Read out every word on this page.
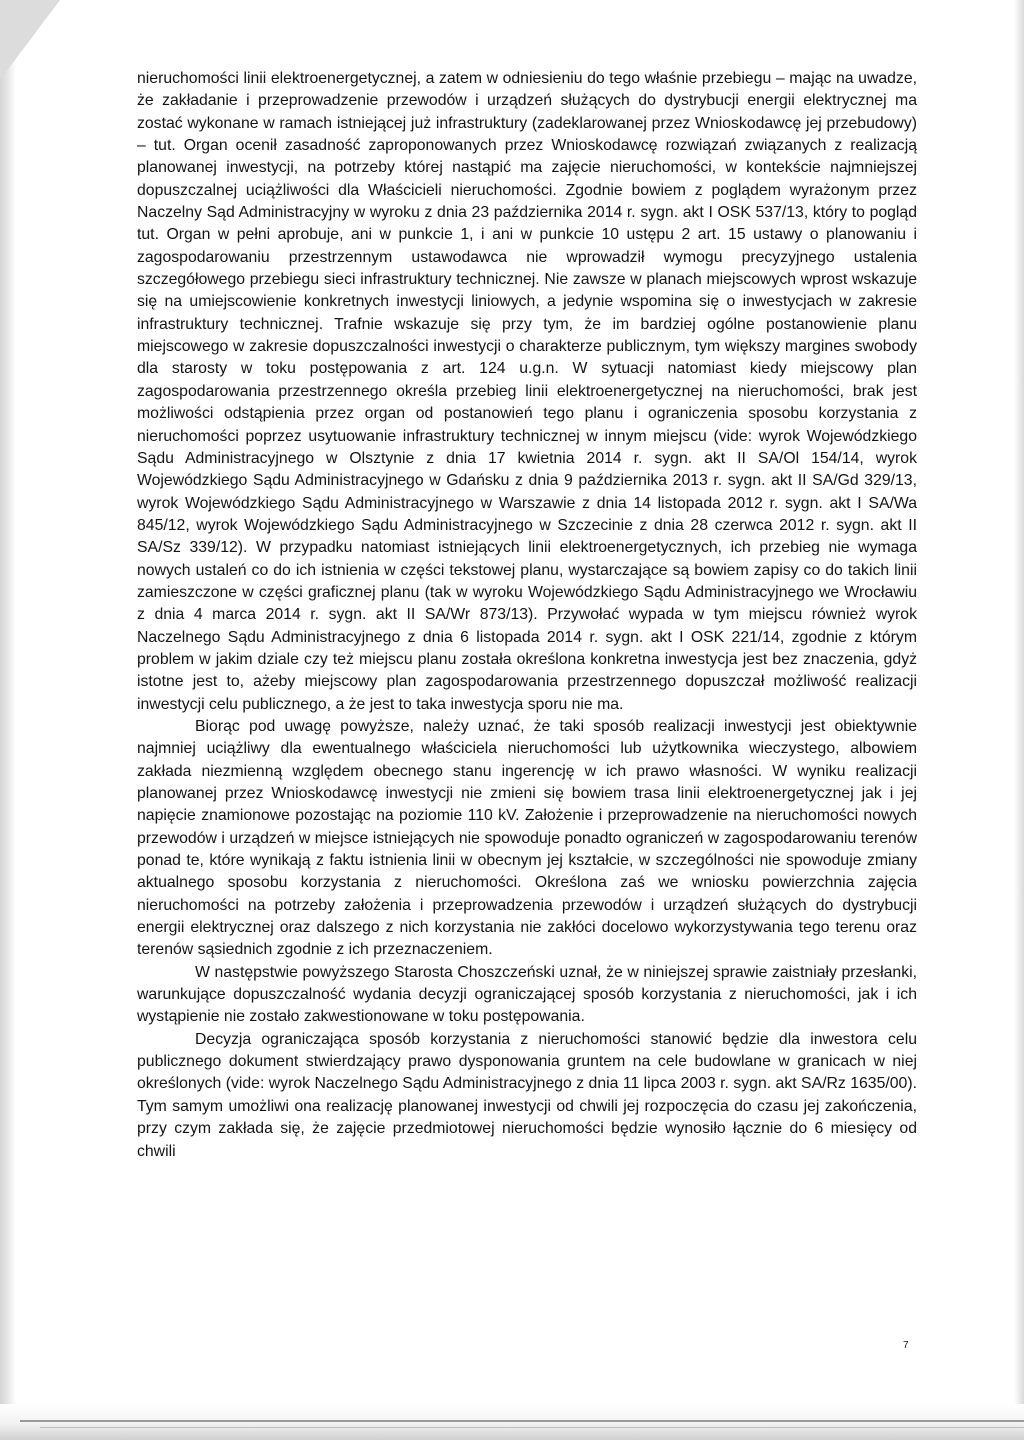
nieruchomości linii elektroenergetycznej, a zatem w odniesieniu do tego właśnie przebiegu – mając na uwadze, że zakładanie i przeprowadzenie przewodów i urządzeń służących do dystrybucji energii elektrycznej ma zostać wykonane w ramach istniejącej już infrastruktury (zadeklarowanej przez Wnioskodawcę jej przebudowy) – tut. Organ ocenił zasadność zaproponowanych przez Wnioskodawcę rozwiązań związanych z realizacją planowanej inwestycji, na potrzeby której nastąpić ma zajęcie nieruchomości, w kontekście najmniejszej dopuszczalnej uciążliwości dla Właścicieli nieruchomości. Zgodnie bowiem z poglądem wyrażonym przez Naczelny Sąd Administracyjny w wyroku z dnia 23 października 2014 r. sygn. akt I OSK 537/13, który to pogląd tut. Organ w pełni aprobuje, ani w punkcie 1, i ani w punkcie 10 ustępu 2 art. 15 ustawy o planowaniu i zagospodarowaniu przestrzennym ustawodawca nie wprowadził wymogu precyzyjnego ustalenia szczegółowego przebiegu sieci infrastruktury technicznej. Nie zawsze w planach miejscowych wprost wskazuje się na umiejscowienie konkretnych inwestycji liniowych, a jedynie wspomina się o inwestycjach w zakresie infrastruktury technicznej. Trafnie wskazuje się przy tym, że im bardziej ogólne postanowienie planu miejscowego w zakresie dopuszczalności inwestycji o charakterze publicznym, tym większy margines swobody dla starosty w toku postępowania z art. 124 u.g.n. W sytuacji natomiast kiedy miejscowy plan zagospodarowania przestrzennego określa przebieg linii elektroenergetycznej na nieruchomości, brak jest możliwości odstąpienia przez organ od postanowień tego planu i ograniczenia sposobu korzystania z nieruchomości poprzez usytuowanie infrastruktury technicznej w innym miejscu (vide: wyrok Wojewódzkiego Sądu Administracyjnego w Olsztynie z dnia 17 kwietnia 2014 r. sygn. akt II SA/Ol 154/14, wyrok Wojewódzkiego Sądu Administracyjnego w Gdańsku z dnia 9 października 2013 r. sygn. akt II SA/Gd 329/13, wyrok Wojewódzkiego Sądu Administracyjnego w Warszawie z dnia 14 listopada 2012 r. sygn. akt I SA/Wa 845/12, wyrok Wojewódzkiego Sądu Administracyjnego w Szczecinie z dnia 28 czerwca 2012 r. sygn. akt II SA/Sz 339/12). W przypadku natomiast istniejących linii elektroenergetycznych, ich przebieg nie wymaga nowych ustaleń co do ich istnienia w części tekstowej planu, wystarczające są bowiem zapisy co do takich linii zamieszczone w części graficznej planu (tak w wyroku Wojewódzkiego Sądu Administracyjnego we Wrocławiu z dnia 4 marca 2014 r. sygn. akt II SA/Wr 873/13). Przywołać wypada w tym miejscu również wyrok Naczelnego Sądu Administracyjnego z dnia 6 listopada 2014 r. sygn. akt I OSK 221/14, zgodnie z którym problem w jakim dziale czy też miejscu planu została określona konkretna inwestycja jest bez znaczenia, gdyż istotne jest to, ażeby miejscowy plan zagospodarowania przestrzennego dopuszczał możliwość realizacji inwestycji celu publicznego, a że jest to taka inwestycja sporu nie ma.

Biorąc pod uwagę powyższe, należy uznać, że taki sposób realizacji inwestycji jest obiektywnie najmniej uciążliwy dla ewentualnego właściciela nieruchomości lub użytkownika wieczystego, albowiem zakłada niezmienną względem obecnego stanu ingerencję w ich prawo własności. W wyniku realizacji planowanej przez Wnioskodawcę inwestycji nie zmieni się bowiem trasa linii elektroenergetycznej jak i jej napięcie znamionowe pozostając na poziomie 110 kV. Założenie i przeprowadzenie na nieruchomości nowych przewodów i urządzeń w miejsce istniejących nie spowoduje ponadto ograniczeń w zagospodarowaniu terenów ponad te, które wynikają z faktu istnienia linii w obecnym jej kształcie, w szczególności nie spowoduje zmiany aktualnego sposobu korzystania z nieruchomości. Określona zaś we wniosku powierzchnia zajęcia nieruchomości na potrzeby założenia i przeprowadzenia przewodów i urządzeń służących do dystrybucji energii elektrycznej oraz dalszego z nich korzystania nie zakłóci docelowo wykorzystywania tego terenu oraz terenów sąsiednich zgodnie z ich przeznaczeniem.

W następstwie powyższego Starosta Choszczeński uznał, że w niniejszej sprawie zaistniały przesłanki, warunkujące dopuszczalność wydania decyzji ograniczającej sposób korzystania z nieruchomości, jak i ich wystąpienie nie zostało zakwestionowane w toku postępowania.

Decyzja ograniczająca sposób korzystania z nieruchomości stanowić będzie dla inwestora celu publicznego dokument stwierdzający prawo dysponowania gruntem na cele budowlane w granicach w niej określonych (vide: wyrok Naczelnego Sądu Administracyjnego z dnia 11 lipca 2003 r. sygn. akt SA/Rz 1635/00). Tym samym umożliwi ona realizację planowanej inwestycji od chwili jej rozpoczęcia do czasu jej zakończenia, przy czym zakłada się, że zajęcie przedmiotowej nieruchomości będzie wynosiło łącznie do 6 miesięcy od chwili

7
